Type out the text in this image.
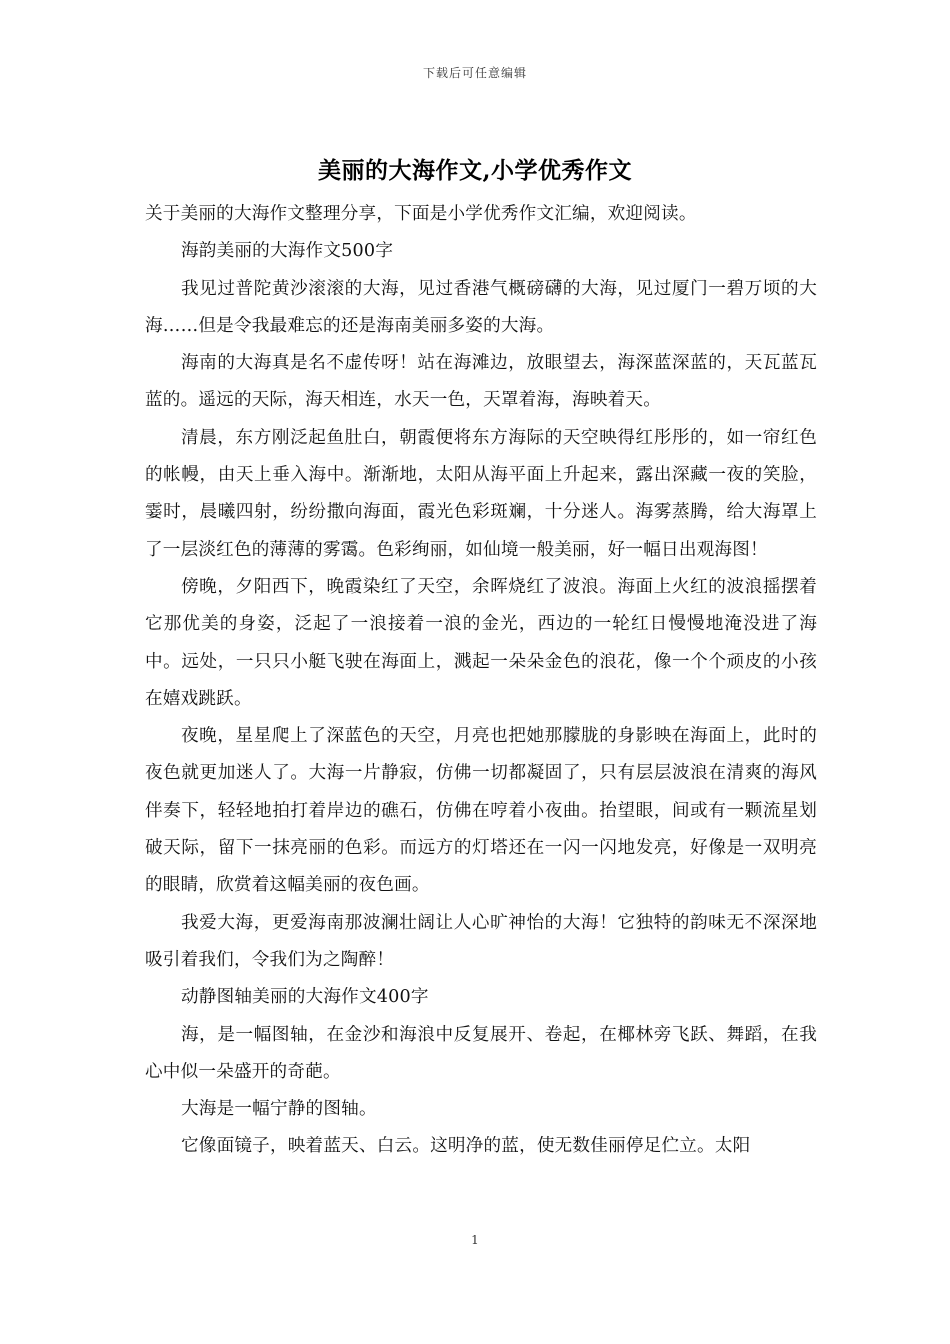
下载后可任意编辑
美丽的大海作文,小学优秀作文

关于美丽的大海作文整理分享，下面是小学优秀作文汇编，欢迎阅读。

海韵美丽的大海作文500字

我见过普陀黄沙滚滚的大海，见过香港气概磅礴的大海，见过厦门一碧万顷的大海……但是令我最难忘的还是海南美丽多姿的大海。

海南的大海真是名不虚传呀！站在海滩边，放眼望去，海深蓝深蓝的，天瓦蓝瓦蓝的。遥远的天际，海天相连，水天一色，天罩着海，海映着天。

清晨，东方刚泛起鱼肚白，朝霞便将东方海际的天空映得红彤彤的，如一帘红色的帐幔，由天上垂入海中。渐渐地，太阳从海平面上升起来，露出深藏一夜的笑脸，霎时，晨曦四射，纷纷撒向海面，霞光色彩斑斓，十分迷人。海雾蒸腾，给大海罩上了一层淡红色的薄薄的雾霭。色彩绚丽，如仙境一般美丽，好一幅日出观海图！

傍晚，夕阳西下，晚霞染红了天空，余晖烧红了波浪。海面上火红的波浪摇摆着它那优美的身姿，泛起了一浪接着一浪的金光，西边的一轮红日慢慢地淹没进了海中。远处，一只只小艇飞驶在海面上，溅起一朵朵金色的浪花，像一个个顽皮的小孩在嬉戏跳跃。

夜晚，星星爬上了深蓝色的天空，月亮也把她那朦胧的身影映在海面上，此时的夜色就更加迷人了。大海一片静寂，仿佛一切都凝固了，只有层层波浪在清爽的海风伴奏下，轻轻地拍打着岸边的礁石，仿佛在哼着小夜曲。抬望眼，间或有一颗流星划破天际，留下一抹亮丽的色彩。而远方的灯塔还在一闪一闪地发亮，好像是一双明亮的眼睛，欣赏着这幅美丽的夜色画。

我爱大海，更爱海南那波澜壮阔让人心旷神怡的大海！它独特的韵味无不深深地吸引着我们，令我们为之陶醉！

动静图轴美丽的大海作文400字

海，是一幅图轴，在金沙和海浪中反复展开、卷起，在椰林旁飞跃、舞蹈，在我心中似一朵盛开的奇葩。

大海是一幅宁静的图轴。

它像面镜子，映着蓝天、白云。这明净的蓝，使无数佳丽停足伫立。太阳

1
